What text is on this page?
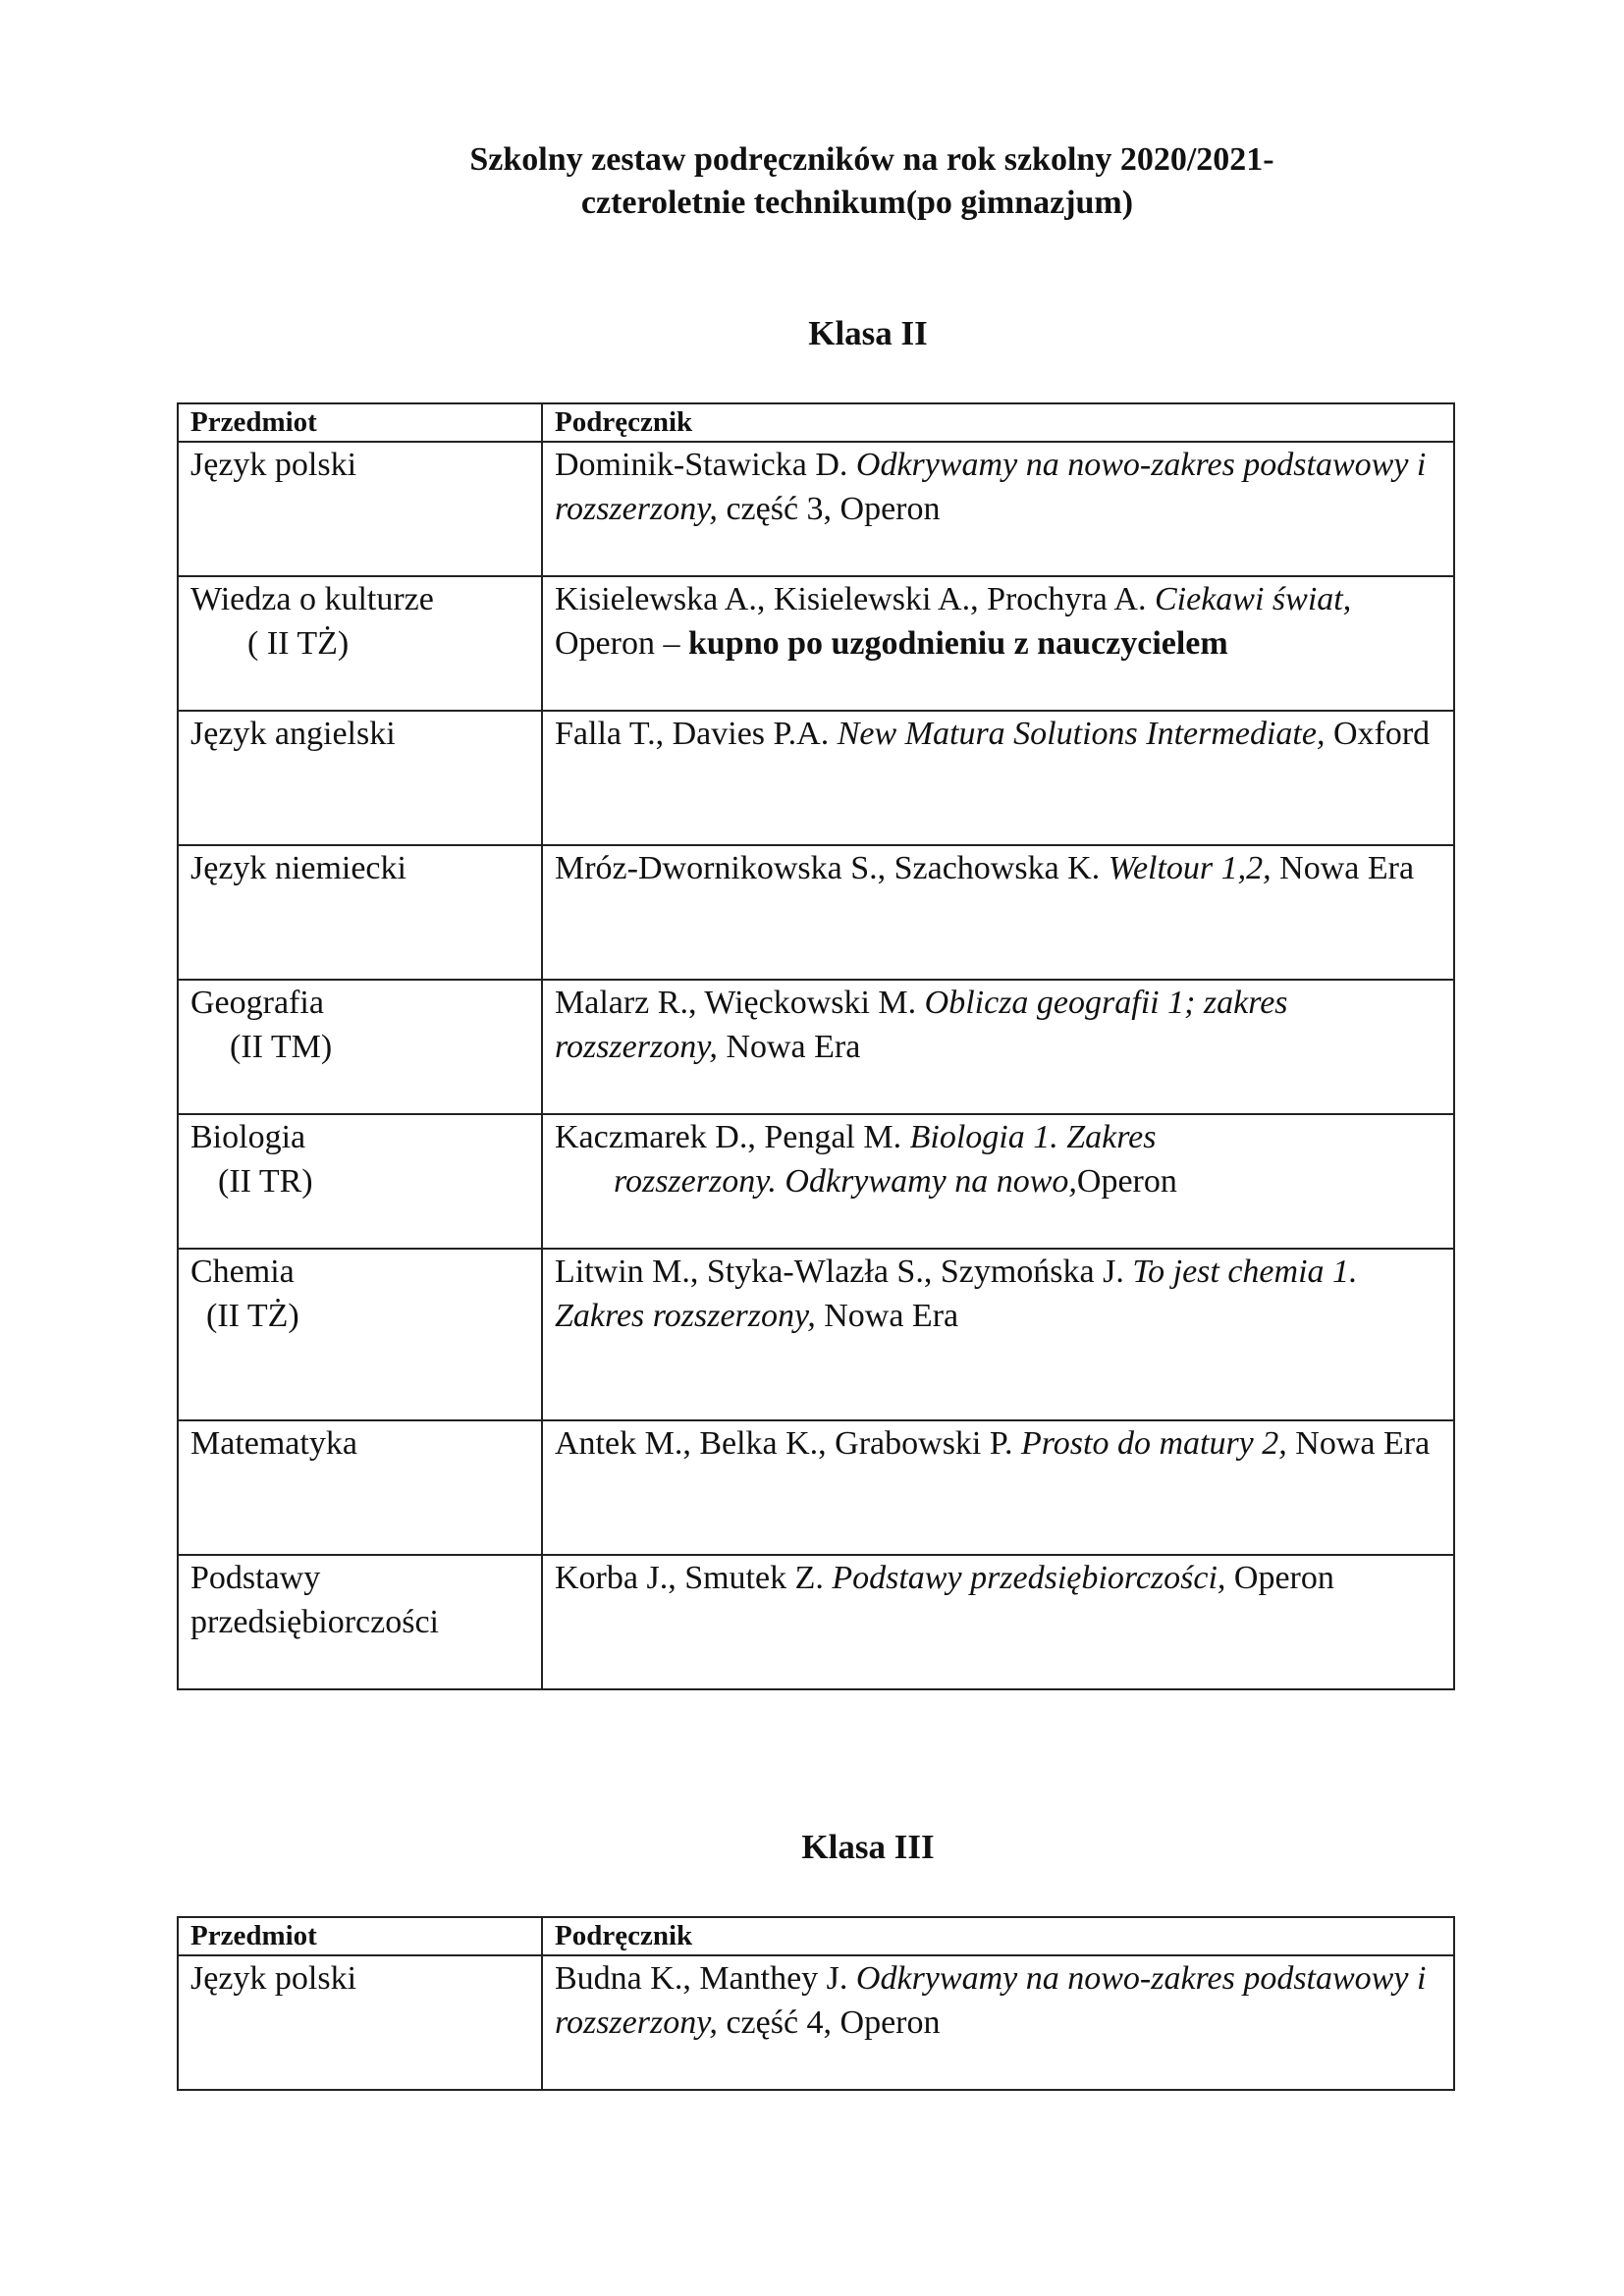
Szkolny zestaw podręczników na rok szkolny 2020/2021-
czteroletnie technikum(po gimnazjum)
Klasa II
Przedmiot	Podręcznik
Język polski	Dominik-Stawicka D. Odkrywamy na nowo-zakres podstawowy i rozszerzony, część 3, Operon
Wiedza o kulturze
( II TŻ)	Kisielewska A., Kisielewski A., Prochyra A. Ciekawi świat, Operon – kupno po uzgodnieniu z nauczycielem
Język angielski	Falla T., Davies P.A. New Matura Solutions Intermediate, Oxford
Język niemiecki	Mróz-Dwornikowska S., Szachowska K. Weltour 1,2, Nowa Era
Geografia
(II TM)	Malarz R., Więckowski M. Oblicza geografii 1; zakres rozszerzony, Nowa Era
Biologia
(II TR)	Kaczmarek D., Pengal M. Biologia 1. Zakres
rozszerzony. Odkrywamy na nowo,Operon

Chemia
(II TŻ)	Litwin M., Styka-Wlazła S., Szymońska J. To jest chemia 1. Zakres rozszerzony, Nowa Era
Matematyka	Antek M., Belka K., Grabowski P. Prosto do matury 2, Nowa Era
Podstawy przedsiębiorczości	Korba J., Smutek Z. Podstawy przedsiębiorczości, Operon
Klasa III
Przedmiot	Podręcznik
Język polski	Budna K., Manthey J. Odkrywamy na nowo-zakres podstawowy i rozszerzony, część 4, Operon
